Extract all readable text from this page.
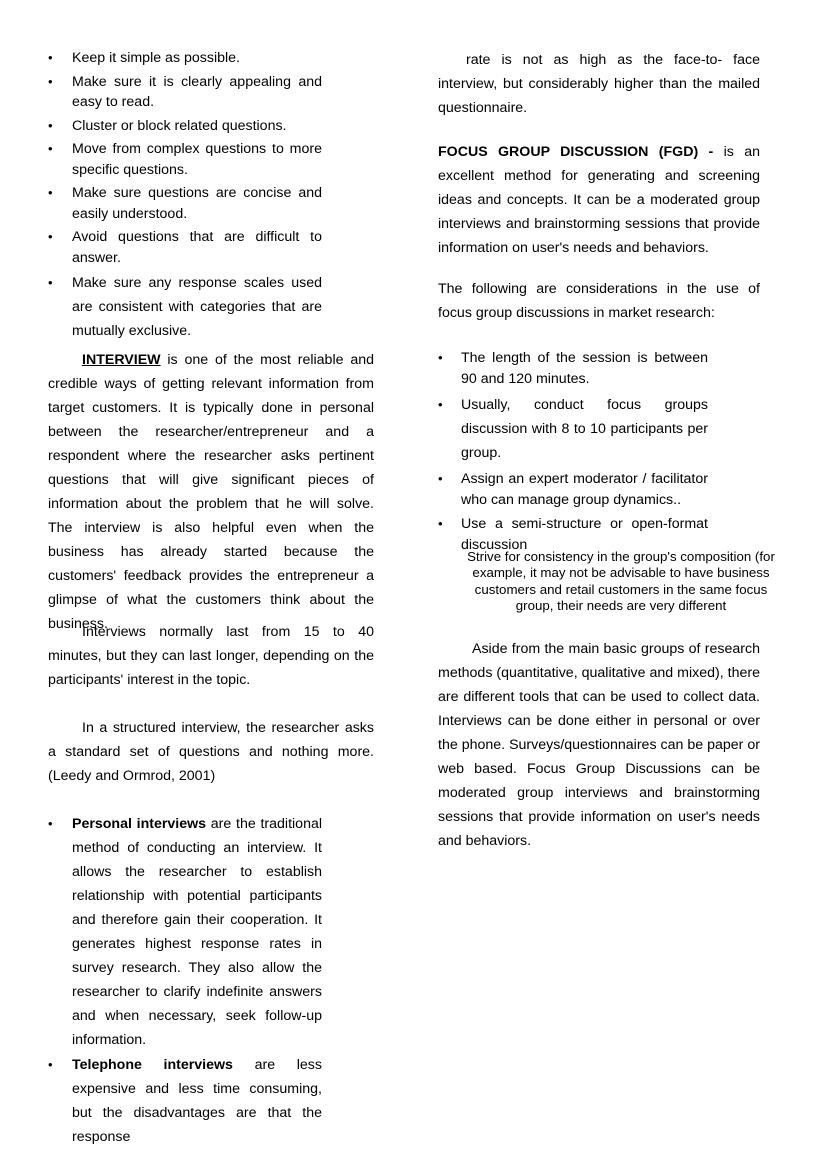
•	Keep it simple as possible.
•	Make sure it is clearly appealing and easy to read.
•	Cluster or block related questions.
•	Move from complex questions to more specific questions.
•	Make sure questions are concise and easily understood.
•	Avoid questions that are difficult to answer.
•	Make sure any response scales used are consistent with categories that are mutually exclusive.

INTERVIEW is one of the most reliable and credible ways of getting relevant information from target customers. It is typically done in personal between the researcher/entrepreneur and a respondent where the researcher asks pertinent questions that will give significant pieces of information about the problem that he will solve. The interview is also helpful even when the business has already started because the customers' feedback provides the entrepreneur a glimpse of what the customers think about the business.

Interviews normally last from 15 to 40 minutes, but they can last longer, depending on the participants' interest in the topic.

In a structured interview, the researcher asks a standard set of questions and nothing more.(Leedy and Ormrod, 2001)

•	Personal interviews are the traditional method of conducting an interview. It allows the researcher to establish relationship with potential participants and therefore gain their cooperation. It generates highest response rates in survey research. They also allow the researcher to clarify indefinite answers and when necessary, seek follow-up information.
•	Telephone interviews are less expensive and less time consuming, but the disadvantages are that the response

rate is not as high as the face-to- face interview, but considerably higher than the mailed questionnaire.

FOCUS GROUP DISCUSSION (FGD) - is an excellent method for generating and screening ideas and concepts. It can be a moderated group interviews and brainstorming sessions that provide information on user's needs and behaviors.

The following are considerations in the use of focus group discussions in market research:

•	The length of the session is between 90 and 120 minutes.
•	Usually, conduct focus groups discussion with 8 to 10 participants per group.
•	Assign an expert moderator / facilitator who can manage group dynamics..
•	Use a semi-structure or open-format discussion

Strive for consistency in the group's composition (for example, it may not be advisable to have business customers and retail customers in the same focus group, their needs are very different

Aside from the main basic groups of research methods (quantitative, qualitative and mixed), there are different tools that can be used to collect data. Interviews can be done either in personal or over the phone. Surveys/questionnaires can be paper or web based. Focus Group Discussions can be moderated group interviews and brainstorming sessions that provide information on user's needs and behaviors.
